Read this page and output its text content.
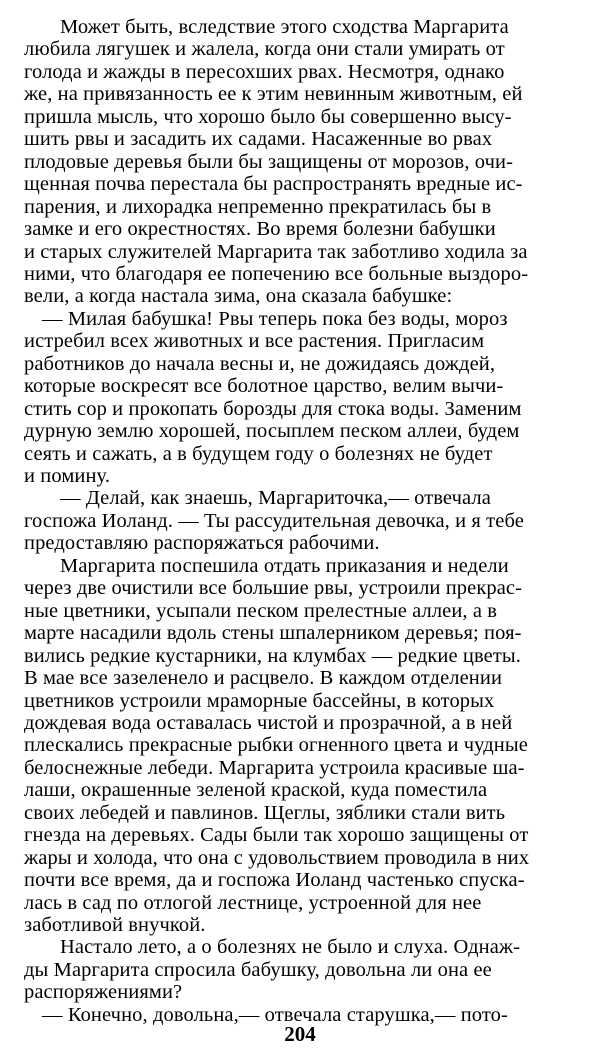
Может быть, вследствие этого сходства Маргарита

любила лягушек и жалела, когда они стали умирать от

голода и жажды в пересохших рвах. Несмотря, однако

же, на привязанность ее к этим невинным животным, ей

пришла мысль, что хорошо было бы совершенно высу-

шить рвы и засадить их садами. Насаженные во рвах

плодовые деревья были бы защищены от морозов, очи-

щенная почва перестала бы распространять вредные ис-

парения, и лихорадка непременно прекратилась бы в

замке и его окрестностях. Во время болезни бабушки

и старых служителей Маргарита так заботливо ходила за

ними, что благодаря ее попечению все больные выздоро-

вели, а когда настала зима, она сказала бабушке:

— Милая бабушка! Рвы теперь пока без воды, мороз

истребил всех животных и все растения. Пригласим

работников до начала весны и, не дожидаясь дождей,

которые воскресят все болотное царство, велим вычи-

стить сор и прокопать борозды для стока воды. Заменим

дурную землю хорошей, посыплем песком аллеи, будем

сеять и сажать, а в будущем году о болезнях не будет

и помину.

— Делай, как знаешь, Маргариточка,— отвечала

госпожа Иоланд. — Ты рассудительная девочка, и я тебе

предоставляю распоряжаться рабочими.

Маргарита поспешила отдать приказания и недели

через две очистили все большие рвы, устроили прекрас-

ные цветники, усыпали песком прелестные аллеи, а в

марте насадили вдоль стены шпалерником деревья; поя-

вились редкие кустарники, на клумбах — редкие цветы.

В мае все зазеленело и расцвело. В каждом отделении

цветников устроили мраморные бассейны, в которых

дождевая вода оставалась чистой и прозрачной, а в ней

плескались прекрасные рыбки огненного цвета и чудные

белоснежные лебеди. Маргарита устроила красивые ша-

лаши, окрашенные зеленой краской, куда поместила

своих лебедей и павлинов. Щеглы, зяблики стали вить

гнезда на деревьях. Сады были так хорошо защищены от

жары и холода, что она с удовольствием проводила в них

почти все время, да и госпожа Иоланд частенько спуска-

лась в сад по отлогой лестнице, устроенной для нее

заботливой внучкой.

Настало лето, а о болезнях не было и слуха. Однаж-

ды Маргарита спросила бабушку, довольна ли она ее

распоряжениями?

— Конечно, довольна,— отвечала старушка,— пото-

204
